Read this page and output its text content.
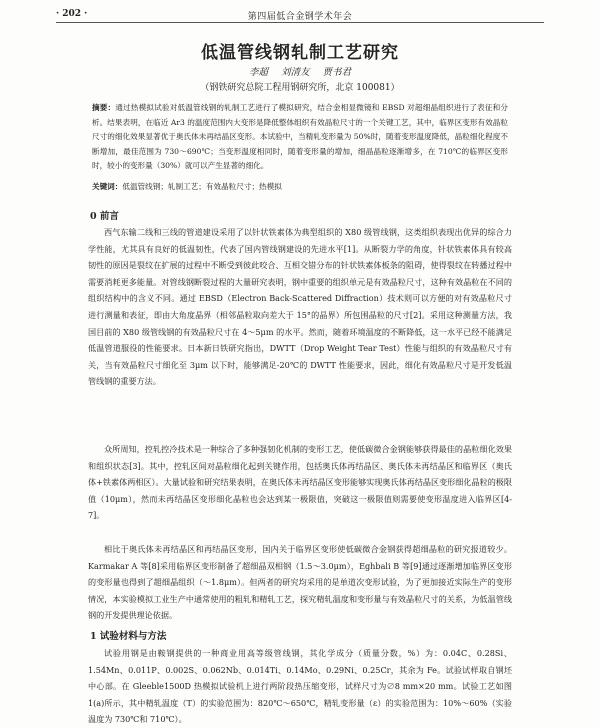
· 202 ·	第四届低合金钢学术年会
低温管线钢轧制工艺研究
李超 刘清友 贾书君
（钢铁研究总院工程用钢研究所，北京 100081）
摘要：通过热模拟试验对低温管线钢的轧制工艺进行了模拟研究，结合金相显微镜和 EBSD 对超细晶组织进行了表征和分析。结果表明，在临近 Ar3 的温度范围内大变形是降低整体组织有效晶粒尺寸的一个关键工艺，其中，临界区变形有效晶粒尺寸的细化效果显著优于奥氏体未再结晶区变形。本试验中，当精轧变形量为 50%时，随着变形温度降低，晶粒细化程度不断增加，最佳范围为 730～690℃；当变形温度相同时，随着变形量的增加，细晶晶粒逐渐增多，在 710℃的临界区变形时，较小的变形量（30%）就可以产生显著的细化。
关键词：低温管线钢；轧制工艺；有效晶粒尺寸；热模拟
0 前言

西气东输二线和三线的管道建设采用了以针状铁素体为典型组织的 X80 级管线钢，这类组织表现出优异的综合力学性能，尤其具有良好的低温韧性，代表了国内管线钢建设的先进水平[1]。从断裂力学的角度，针状铁素体具有较高韧性的原因是裂纹在扩展的过程中不断受到彼此咬合、互相交错分布的针状铁素体板条的阻碍，使得裂纹在转播过程中需要消耗更多能量。对管线钢断裂过程的大量研究表明，钢中重要的组织单元是有效晶粒尺寸，这种有效晶粒在不同的组织结构中的含义不同。通过 EBSD（Electron Back-Scattered Diffraction）技术则可以方便的对有效晶粒尺寸进行测量和表征，即由大角度晶界（相邻晶粒取向差大于 15°的晶界）所包围晶粒的尺寸[2]。采用这种测量方法，我国目前的 X80 级管线钢的有效晶粒尺寸在 4～5μm 的水平。然而，随着环境温度的不断降低，这一水平已经不能满足低温管道服役的性能要求。日本新日铁研究指出，DWTT（Drop Weight Tear Test）性能与组织的有效晶粒尺寸有关，当有效晶粒尺寸细化至 3μm 以下时，能够满足-20℃的 DWTT 性能要求，因此，细化有效晶粒尺寸是开发低温管线钢的重要方法。

众所周知，控轧控冷技术是一种综合了多种强韧化机制的变形工艺，使低碳微合金钢能够获得最佳的晶粒细化效果和组织状态[3]。其中，控轧区间对晶粒细化起到关键作用，包括奥氏体再结晶区、奥氏体未再结晶区和临界区（奥氏体+铁素体两相区）。大量试验和研究结果表明，在奥氏体未再结晶区变形能够实现奥氏体再结晶区变形细化晶粒的极限值（10μm），然而未再结晶区变形细化晶粒也会达到某一极限值，突破这一极限值则需要使变形温度进入临界区[4-7]。

相比于奥氏体未再结晶区和再结晶区变形，国内关于临界区变形使低碳微合金钢获得超细晶粒的研究报道较少。Karmakar A 等[8]采用临界区变形制备了超细晶双相钢（1.5～3.0μm），Eghbali B 等[9]通过逐渐增加临界区变形的变形量也得到了超细晶组织（～1.8μm）。但两者的研究均采用的是单道次变形试验，为了更加接近实际生产的变形情况，本实验模拟工业生产中通常使用的粗轧和精轧工艺，探究精轧温度和变形量与有效晶粒尺寸的关系，为低温管线钢的开发提供理论依据。

1 试验材料与方法

试验用钢是由鞍钢提供的一种商业用高等级管线钢，其化学成分（质量分数，%）为：0.04C、0.28Si、1.54Mn、0.011P、0.002S、0.062Nb、0.014Ti、0.14Mo、0.29Ni、0.25Cr，其余为 Fe。试验试样取自钢坯中心部。在 Gleeble1500D 热模拟试验机上进行两阶段热压缩变形，试样尺寸为∅8 mm×20 mm。试验工艺如图 1(a)所示，其中精轧温度（T）的实验范围为：820℃～650℃，精轧变形量（ε）的实验范围为：10%～60%（实验温度为 730℃和 710℃）。
